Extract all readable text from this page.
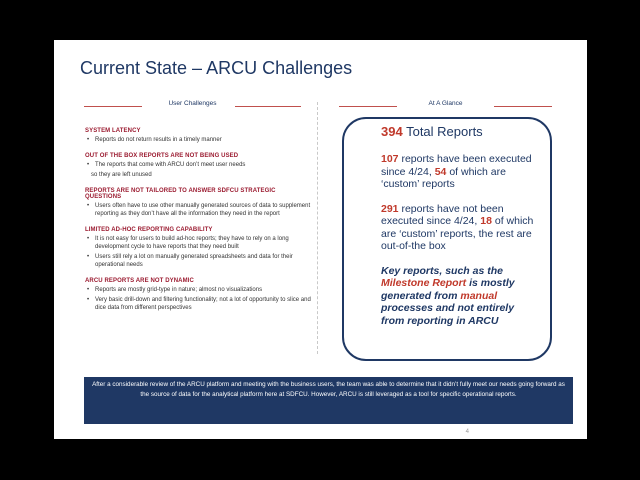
Current State – ARCU Challenges
User Challenges	At A Glance
SYSTEM LATENCY
• Reports do not return results in a timely manner
OUT OF THE BOX REPORTS ARE NOT BEING USED
• The reports that come with ARCU don’t meet user needs
so they are left unused
REPORTS ARE NOT TAILORED TO ANSWER SDFCU STRATEGIC QUESTIONS
• Users often have to use other manually generated sources of data to supplement reporting as they don’t have all the information they need in the report
LIMITED AD-HOC REPORTING CAPABILITY
• It is not easy for users to build ad-hoc reports; they have to rely on a long development cycle to have reports that they need built
• Users still rely a lot on manually generated spreadsheets and data for their operational needs
ARCU REPORTS ARE NOT DYNAMIC
• Reports are mostly grid-type in nature; almost no visualizations
• Very basic drill-down and filtering functionality; not a lot of opportunity to slice and dice data from different perspectives
394 Total Reports
107 reports have been executed since 4/24, 54 of which are ‘custom’ reports
291 reports have not been executed since 4/24, 18 of which are ‘custom’ reports, the rest are out-of-the box
Key reports, such as the Milestone Report is mostly generated from manual processes and not entirely from reporting in ARCU
After a considerable review of the ARCU platform and meeting with the business users, the team was able to determine that it didn’t fully meet our needs going forward as the source of data for the analytical platform here at SDFCU. However, ARCU is still leveraged as a tool for specific operational reports.
4
